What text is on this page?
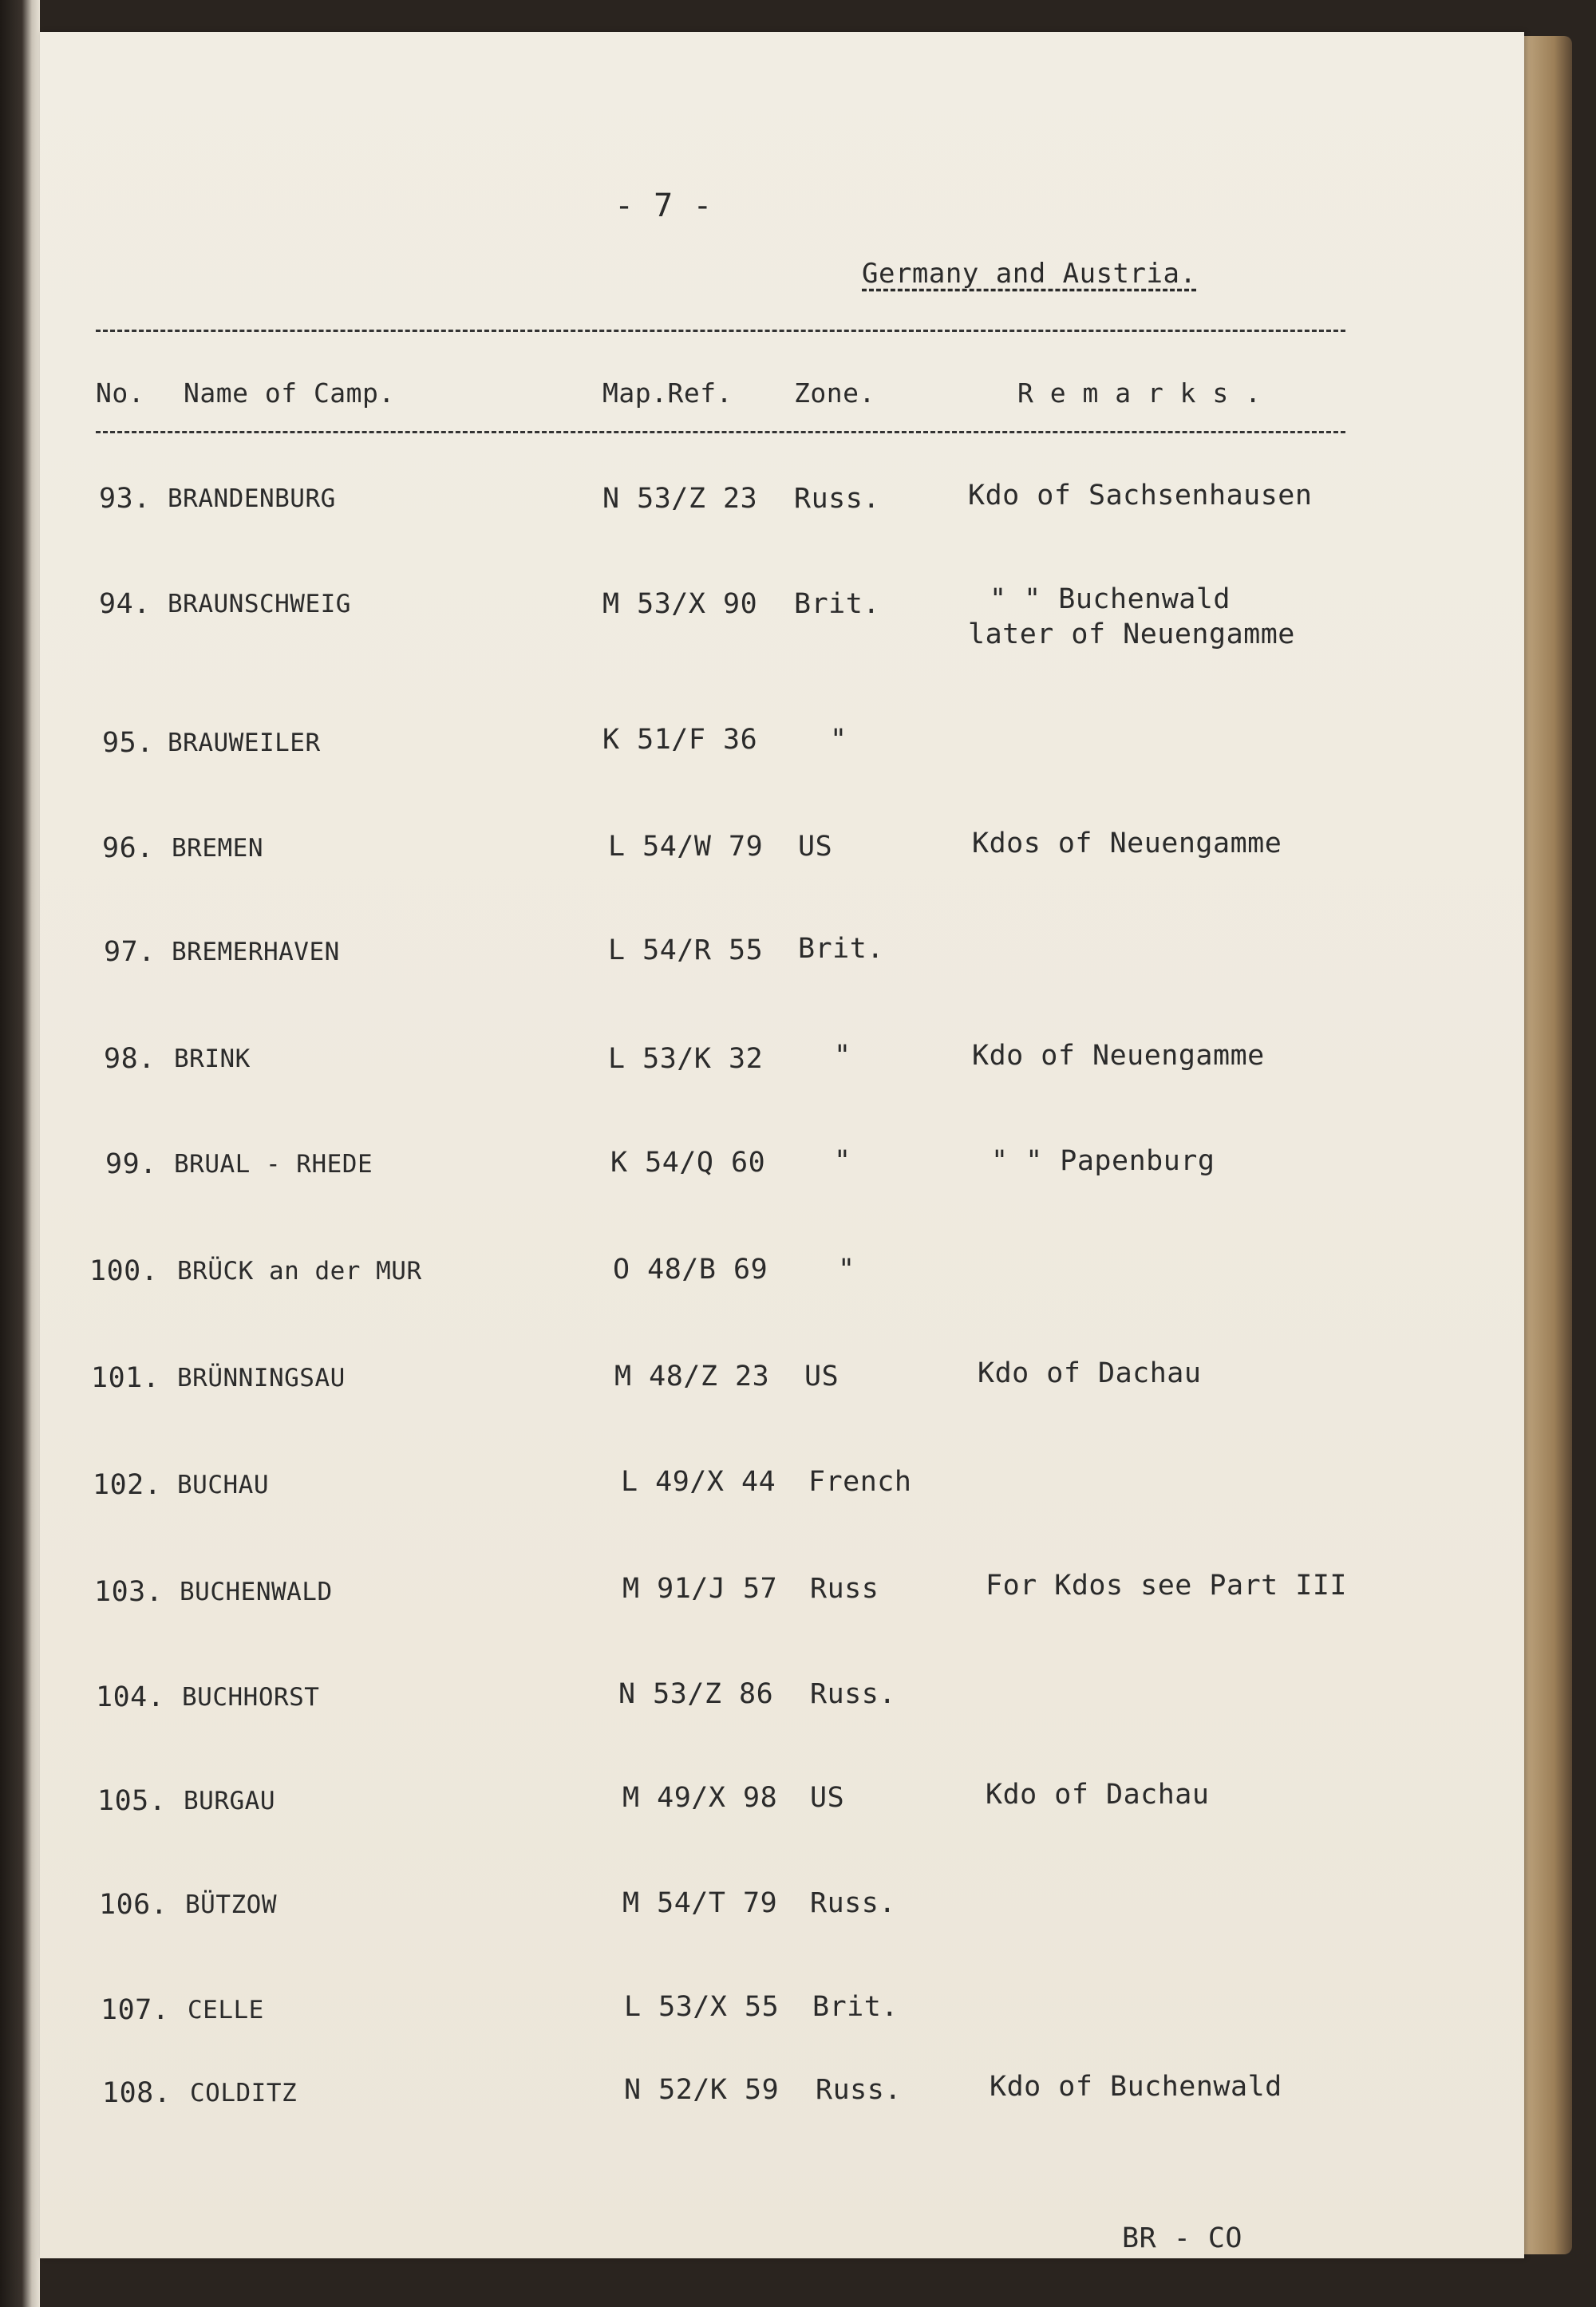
- 7 -
Germany and Austria.
No. Name of Camp.	Map.Ref. Zone.	R e m a r k s .
93. BRANDENBURG	N 53/Z 23 Russ.	Kdo of Sachsenhausen
94. BRAUNSCHWEIG	M 53/X 90 Brit.	" " Buchenwald
later of Neuengamme
95. BRAUWEILER	K 51/F 36	"
96. BREMEN	L 54/W 79 US	Kdos of Neuengamme
97. BREMERHAVEN	L 54/R 55 Brit.
98. BRINK	L 53/K 32	"	Kdo of Neuengamme
99. BRUAL - RHEDE	K 54/Q 60 "	" " Papenburg
100. BRÜCK an der MUR	O 48/B 69	"
101. BRÜNNINGSAU	M 48/Z 23 US	Kdo of Dachau
102. BUCHAU	L 49/X 44 French
103. BUCHENWALD	M 91/J 57 Russ	For Kdos see Part III
104. BUCHHORST	N 53/Z 86 Russ.
105. BURGAU	M 49/X 98 US	Kdo of Dachau
106. BÜTZOW	M 54/T 79 Russ.
107. CELLE	L 53/X 55 Brit.
108. COLDITZ	N 52/K 59 Russ.	Kdo of Buchenwald
BR - CO
